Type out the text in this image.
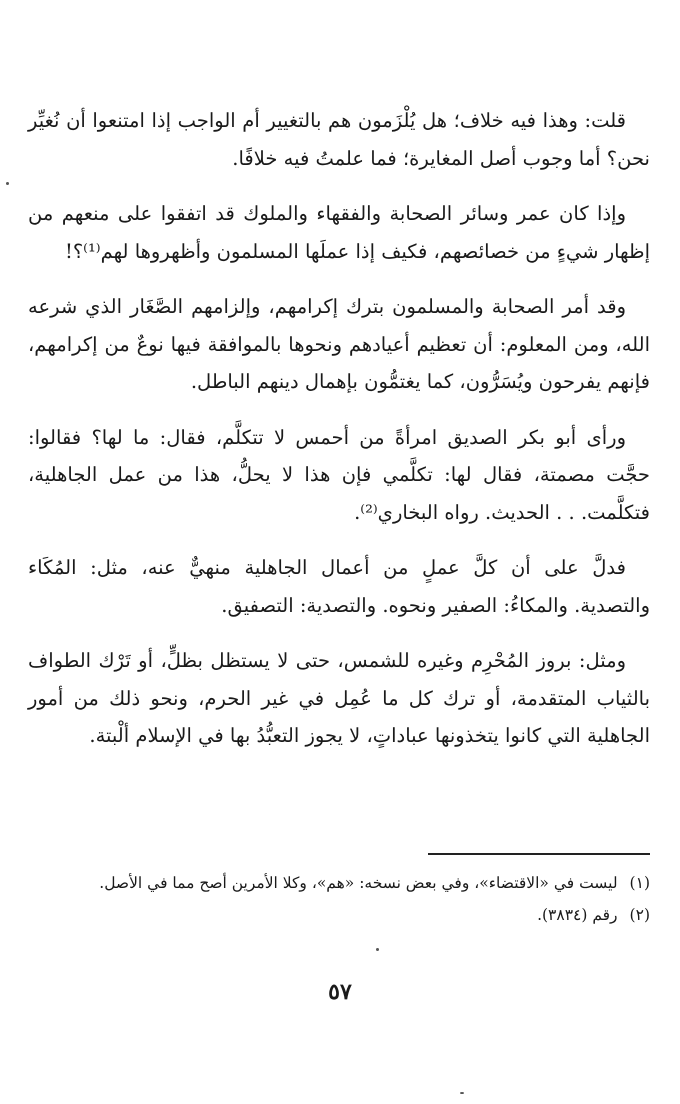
قلت: وهذا فيه خلاف؛ هل يُلْزَمون هم بالتغيير أم الواجب إذا امتنعوا أن نُغيِّر نحن؟ أما وجوب أصل المغايرة؛ فما علمتُ فيه خلافًا.

وإذا كان عمر وسائر الصحابة والفقهاء والملوك قد اتفقوا على منعهم من إظهار شيءٍ من خصائصهم، فكيف إذا عملَها المسلمون وأظهروها لهم⁽¹⁾؟!

وقد أمر الصحابة والمسلمون بترك إكرامهم، وإلزامهم الصَّغَار الذي شرعه الله، ومن المعلوم: أن تعظيم أعيادهم ونحوها بالموافقة فيها نوعٌ من إكرامهم، فإنهم يفرحون ويُسَرُّون، كما يغتمُّون بإهمال دينهم الباطل.

ورأى أبو بكر الصديق امرأةً من أحمس لا تتكلَّم، فقال: ما لها؟ فقالوا: حجَّت مصمتة، فقال لها: تكلَّمي فإن هذا لا يحلُّ، هذا من عمل الجاهلية، فتكلَّمت. . . الحديث. رواه البخاري⁽²⁾.

فدلَّ على أن كلَّ عملٍ من أعمال الجاهلية منهيٌّ عنه، مثل: المُكَاء والتصدية. والمكاءُ: الصفير ونحوه. والتصدية: التصفيق.

ومثل: بروز المُحْرِم وغيره للشمس، حتى لا يستظل بظلٍّ، أو تَرْك الطواف بالثياب المتقدمة، أو ترك كل ما عُمِل في غير الحرم، ونحو ذلك من أمور الجاهلية التي كانوا يتخذونها عباداتٍ، لا يجوز التعبُّدُ بها في الإسلام ألْبتة.

(١)
ليست في «الاقتضاء»، وفي بعض نسخه: «هم»، وكلا الأمرين أصح مما في الأصل.
(٢)
رقم (٣٨٣٤).
٥٧
